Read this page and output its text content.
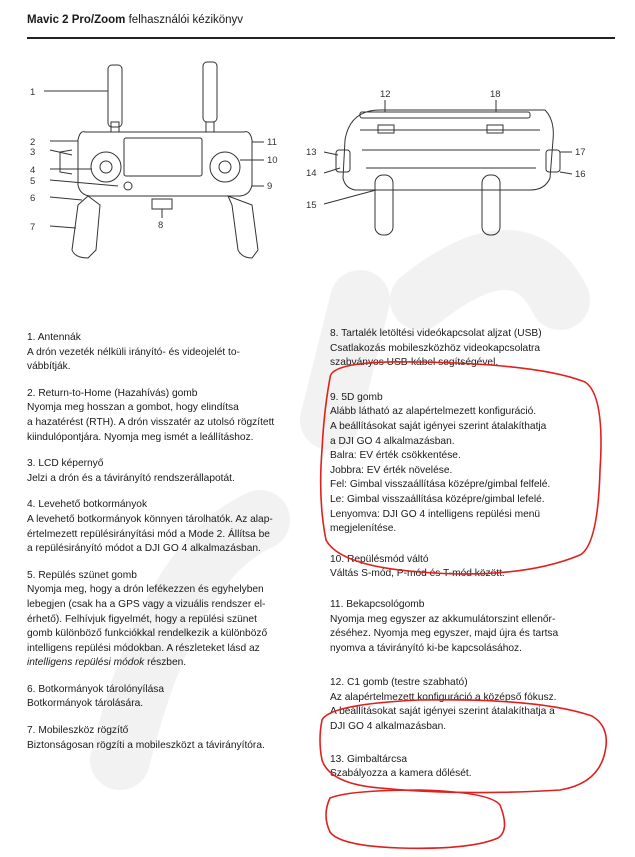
Mavic 2 Pro/Zoom felhasználói kézikönyv
1
2
3
4
5
6
7	8
9
10
11
12
13
14
15
16
17
18
1. Antennák
A drón vezeték nélküli irányító- és videojelét to-
vábbítják.
2. Return-to-Home (Hazahívás) gomb
Nyomja meg hosszan a gombot, hogy elindítsa
a hazatérést (RTH). A drón visszatér az utolsó rögzített
kiindulópontjára. Nyomja meg ismét a leállításhoz.
3. LCD képernyő
Jelzi a drón és a távirányító rendszerállapotát.
4. Levehető botkormányok
A levehető botkormányok könnyen tárolhatók. Az alap-
értelmezett repülésirányítási mód a Mode 2. Állítsa be
a repülésirányító módot a DJI GO 4 alkalmazásban.
5. Repülés szünet gomb
Nyomja meg, hogy a drón lefékezzen és egyhelyben
lebegjen (csak ha a GPS vagy a vizuális rendszer el-
érhető). Felhívjuk figyelmét, hogy a repülési szünet
gomb különböző funkciókkal rendelkezik a különböző
intelligens repülési módokban. A részleteket lásd az
intelligens repülési módok részben.
6. Botkormányok tárolónyílása
Botkormányok tárolására.
7. Mobileszköz rögzítő
Biztonságosan rögzíti a mobileszközt a távirányítóra.
8. Tartalék letöltési videókapcsolat aljzat (USB)
Csatlakozás mobileszközhöz videokapcsolatra
szabványos USB-kábel segítségével.
9. 5D gomb
Alább látható az alapértelmezett konfiguráció.
A beállításokat saját igényei szerint átalakíthatja
a DJI GO 4 alkalmazásban.
Balra: EV érték csökkentése.
Jobbra: EV érték növelése.
Fel: Gimbal visszaállítása középre/gimbal felfelé.
Le: Gimbal visszaállítása középre/gimbal lefelé.
Lenyomva: DJI GO 4 intelligens repülési menü
megjelenítése.
10. Repülésmód váltó
Váltás S-mód, P-mód és T-mód között.
11. Bekapcsológomb
Nyomja meg egyszer az akkumulátorszint ellenőr-
zéséhez. Nyomja meg egyszer, majd újra és tartsa
nyomva a távirányító ki-be kapcsolásához.
12. C1 gomb (testre szabható)
Az alapértelmezett konfiguráció a középső fókusz.
A beállításokat saját igényei szerint átalakíthatja a
DJI GO 4 alkalmazásban.
13. Gimbaltárcsa
Szabályozza a kamera dőlését.
